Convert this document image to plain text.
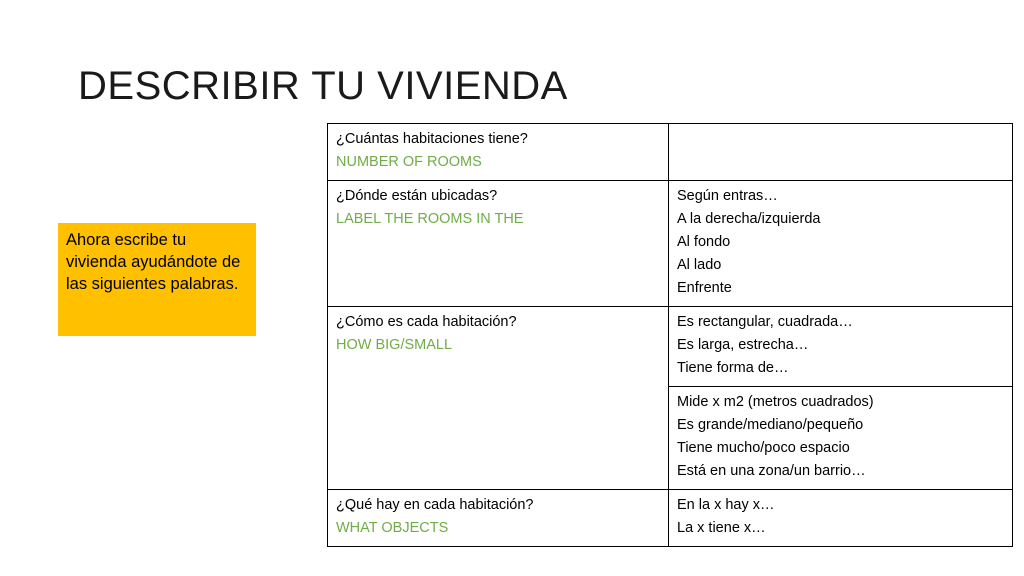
DESCRIBIR TU VIVIENDA
Ahora escribe tu vivienda ayudándote de las siguientes palabras.
¿Cuántas habitaciones tiene?
NUMBER OF ROOMS	

¿Dónde están ubicadas?
LABEL THE ROOMS IN THE	Según entras…
A la derecha/izquierda
Al fondo
Al lado
Enfrente

¿Cómo es cada habitación?
HOW BIG/SMALL	Es rectangular, cuadrada…
Es larga, estrecha…
Tiene forma de…

	Mide x m2 (metros cuadrados)
Es grande/mediano/pequeño
Tiene mucho/poco espacio
Está en una zona/un barrio…

¿Qué hay en cada habitación?
WHAT OBJECTS	En la x hay x…
La x tiene x…
